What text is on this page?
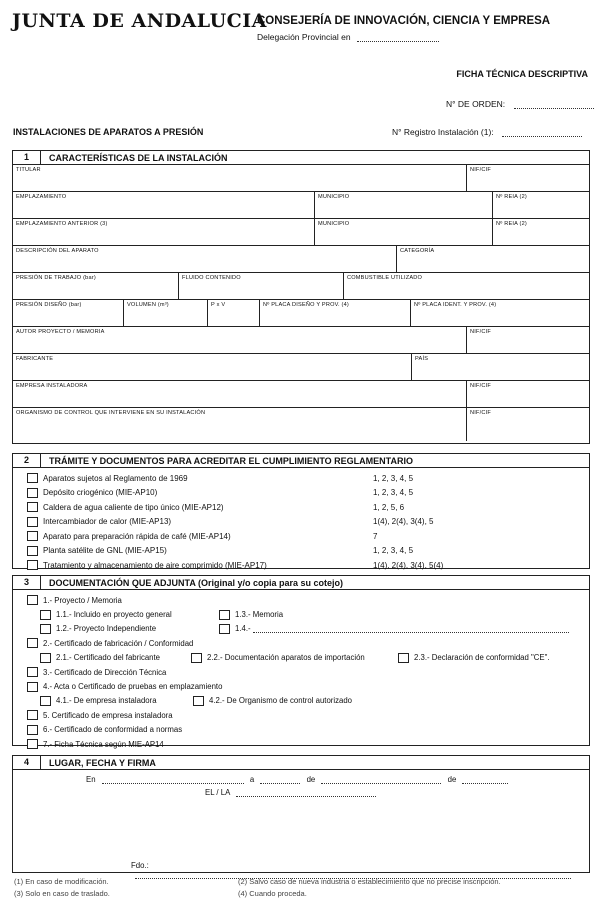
JUNTA DE ANDALUCIA
CONSEJERÍA DE INNOVACIÓN, CIENCIA Y EMPRESA
Delegación Provincial en
FICHA TÉCNICA DESCRIPTIVA
N° DE ORDEN:
INSTALACIONES DE APARATOS A PRESIÓN	N° Registro Instalación (1):
1	CARACTERÍSTICAS DE LA INSTALACIÓN
TITULAR	NIF/CIF
EMPLAZAMIENTO	MUNICIPIO	Nº REIA (2)
EMPLAZAMIENTO ANTERIOR (3)	MUNICIPIO	Nº REIA (2)
DESCRIPCIÓN DEL APARATO	CATEGORÍA
PRESIÓN DE TRABAJO (bar)	FLUIDO CONTENIDO	COMBUSTIBLE UTILIZADO
PRESIÓN DISEÑO (bar)	VOLUMEN (m³)	P x V	Nº PLACA DISEÑO Y PROV. (4)	Nº PLACA IDENT. Y PROV. (4)
AUTOR PROYECTO / MEMORIA	NIF/CIF
FABRICANTE	PAÍS
EMPRESA INSTALADORA	NIF/CIF
ORGANISMO DE CONTROL QUE INTERVIENE EN SU INSTALACIÓN	NIF/CIF
2	TRÁMITE Y DOCUMENTOS PARA ACREDITAR EL CUMPLIMIENTO REGLAMENTARIO
Aparatos sujetos al Reglamento de 1969	1, 2, 3, 4, 5
Depósito criogénico (MIE-AP10)	1, 2, 3, 4, 5
Caldera de agua caliente de tipo único (MIE-AP12)	1, 2, 5, 6
Intercambiador de calor (MIE-AP13)	1(4), 2(4), 3(4), 5
Aparato para preparación rápida de café (MIE-AP14)	7
Planta satélite de GNL (MIE-AP15)	1, 2, 3, 4, 5
Tratamiento y almacenamiento de aire comprimido (MIE-AP17)	1(4), 2(4), 3(4), 5(4)
3	DOCUMENTACIÓN QUE ADJUNTA (Original y/o copia para su cotejo)
1.- Proyecto / Memoria
1.1.- Incluido en proyecto general	1.3.- Memoria
1.2.- Proyecto Independiente	1.4.-
2.- Certificado de fabricación / Conformidad
2.1.- Certificado del fabricante	2.2.- Documentación aparatos de importación	2.3.- Declaración de conformidad "CE".
3.- Certificado de Dirección Técnica
4.- Acta o Certificado de pruebas en emplazamiento
4.1.- De empresa instaladora	4.2.- De Organismo de control autorizado
5. Certificado de empresa instaladora
6.- Certificado de conformidad a normas
7.- Ficha Técnica según MIE-AP14
4	LUGAR, FECHA Y FIRMA
En	a	de	de
EL / LA
Fdo.:
(1) En caso de modificación.	(2) Salvo caso de nueva industria o establecimiento que no precise inscripción.
(3) Solo en caso de traslado.	(4) Cuando proceda.
